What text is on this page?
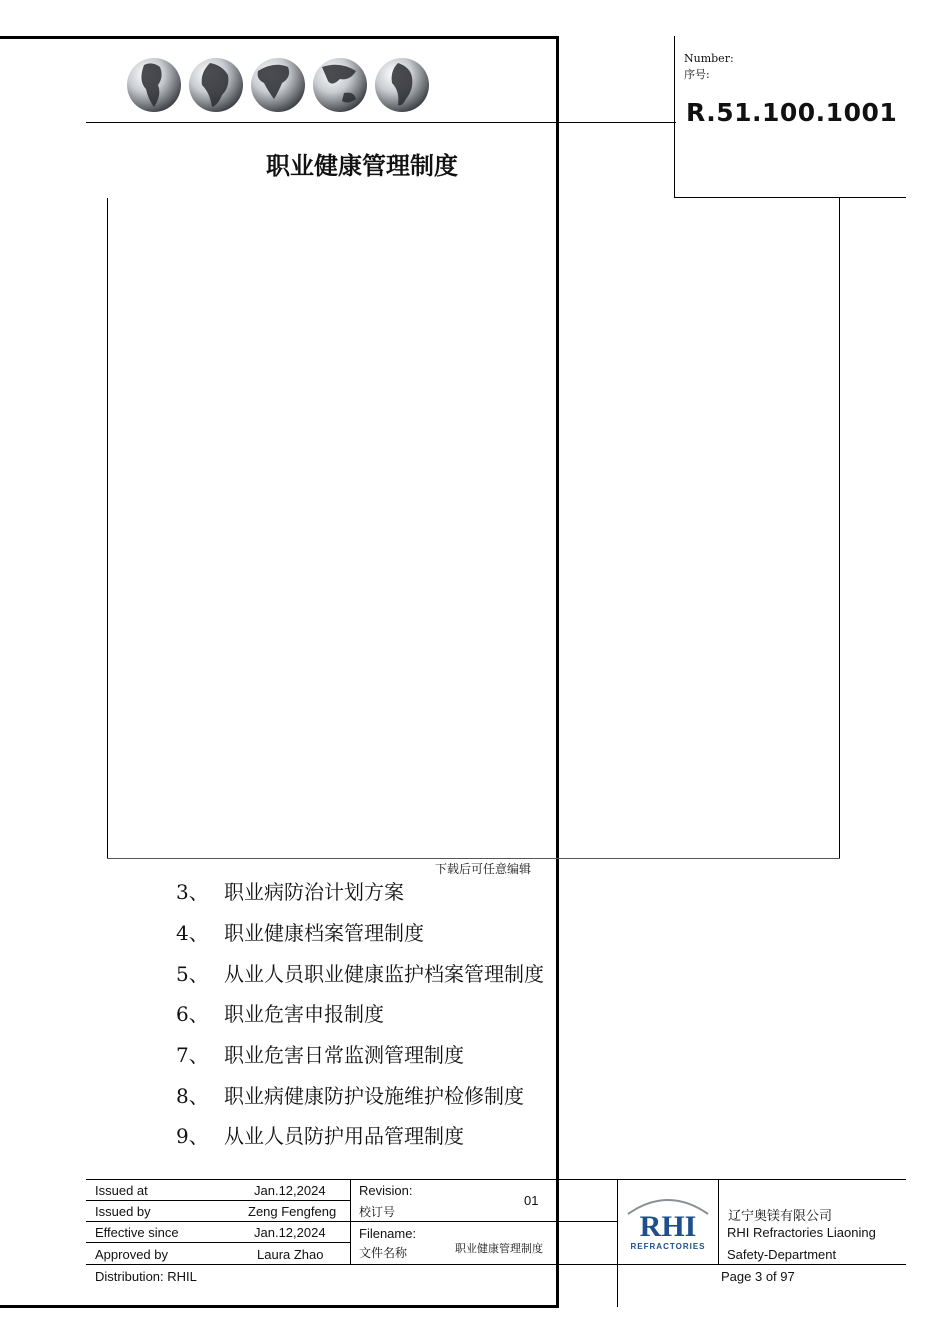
Number:
序号:
R.51.100.1001
职业健康管理制度
下载后可任意编辑
3、 职业病防治计划方案
4、 职业健康档案管理制度
5、 从业人员职业健康监护档案管理制度
6、 职业危害申报制度
7、 职业危害日常监测管理制度
8、 职业病健康防护设施维护检修制度
9、 从业人员防护用品管理制度
Issued at	Jan.12,2024
Issued by	Zeng Fengfeng
Effective since	Jan.12,2024
Approved by	Laura Zhao
Distribution: RHIL
Revision:
校订号
01
Filename:
文件名称	职业健康管理制度
RHI
REFRACTORIES
辽宁奥镁有限公司
RHI Refractories Liaoning
Safety-Department
Page 3 of 97
